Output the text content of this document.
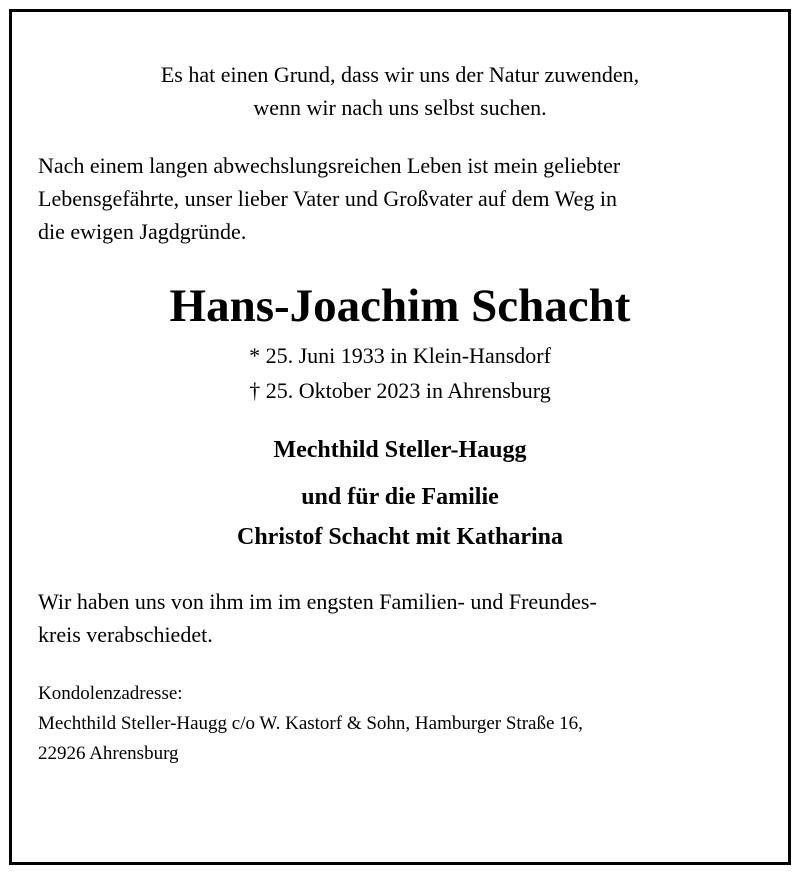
Es hat einen Grund, dass wir uns der Natur zuwenden,
wenn wir nach uns selbst suchen.
Nach einem langen abwechslungsreichen Leben ist mein geliebter
Lebensgefährte, unser lieber Vater und Großvater auf dem Weg in
die ewigen Jagdgründe.
Hans-Joachim Schacht
* 25. Juni 1933 in Klein-Hansdorf
† 25. Oktober 2023 in Ahrensburg
Mechthild Steller-Haugg
und für die Familie
Christof Schacht mit Katharina
Wir haben uns von ihm im im engsten Familien- und Freundes-
kreis verabschiedet.
Kondolenzadresse:
Mechthild Steller-Haugg c/o W. Kastorf & Sohn, Hamburger Straße 16,
22926 Ahrensburg
